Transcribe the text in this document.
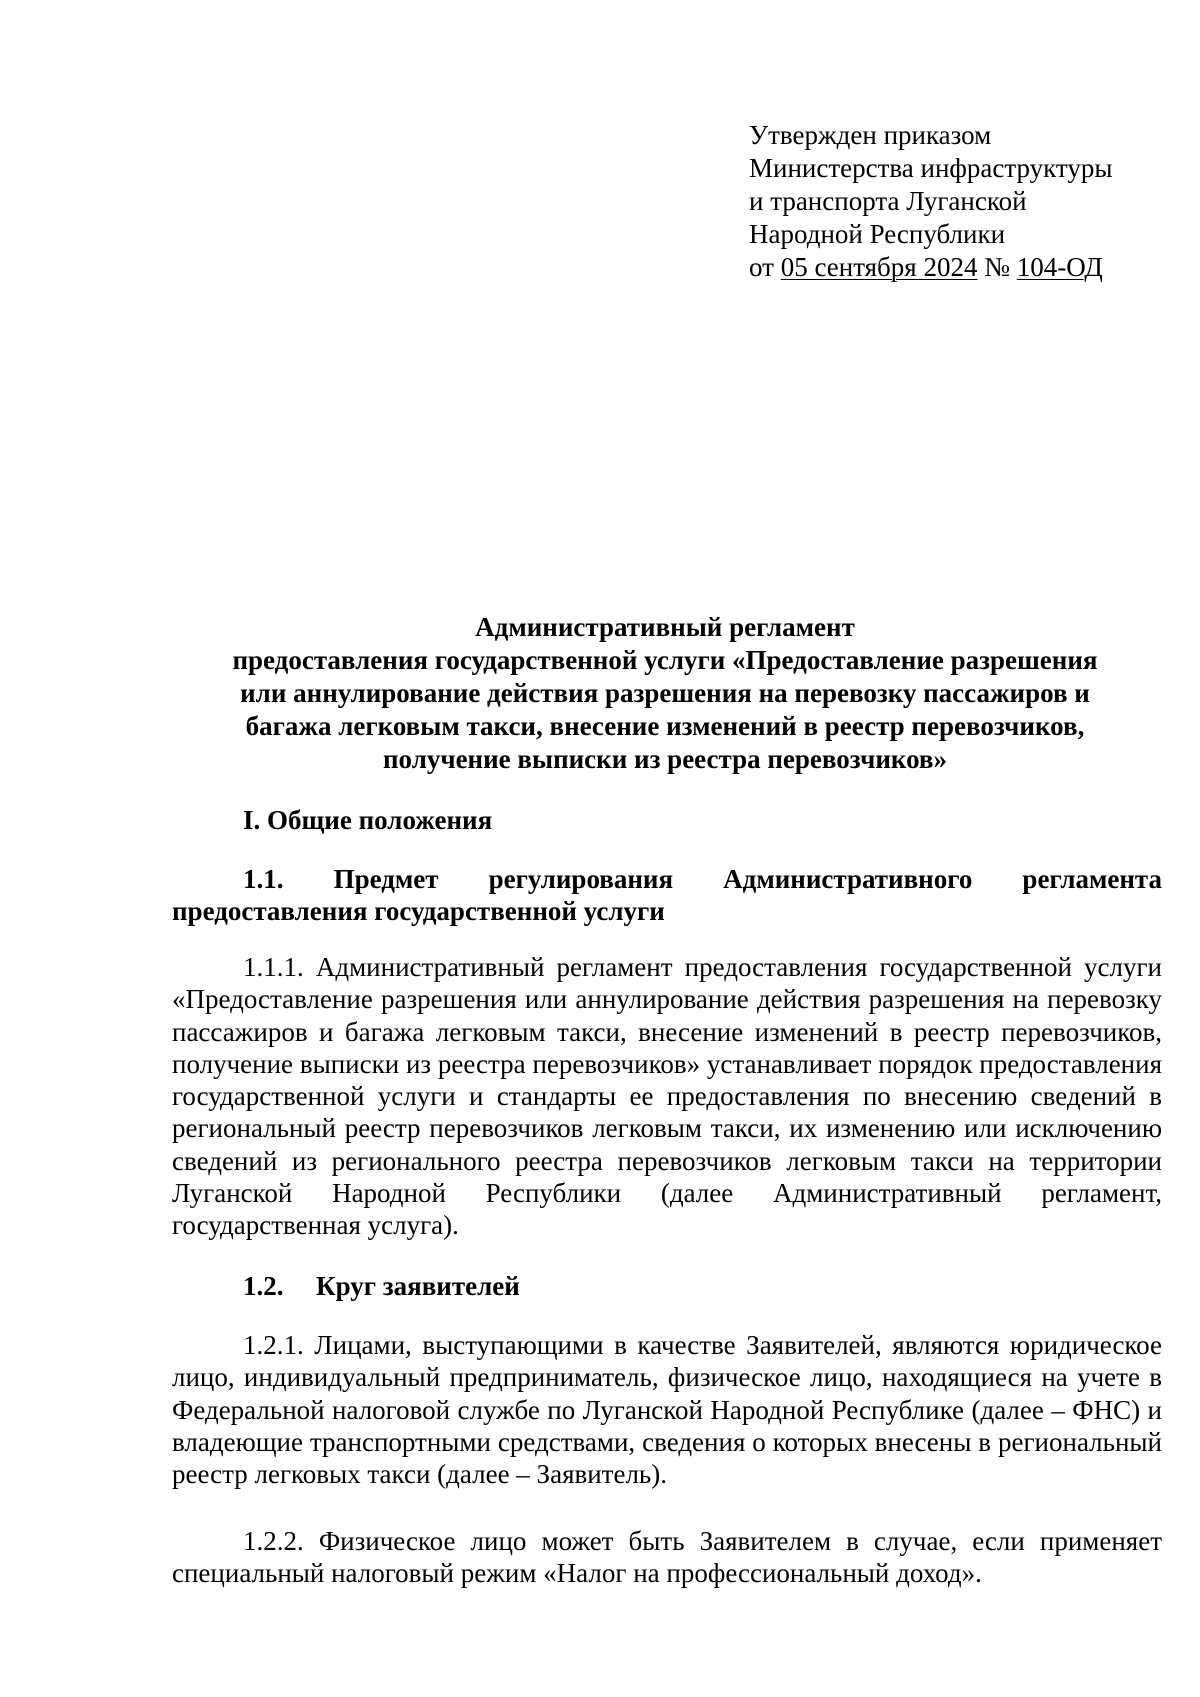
Утвержден приказом
Министерства инфраструктуры
и транспорта Луганской
Народной Республики
от 05 сентября 2024 № 104-ОД
Административный регламент
предоставления государственной услуги «Предоставление разрешения
или аннулирование действия разрешения на перевозку пассажиров и
багажа легковым такси, внесение изменений в реестр перевозчиков,
получение выписки из реестра перевозчиков»
I. Общие положения

1.1. Предмет регулирования Административного регламента

предоставления государственной услуги

1.1.1. Административный регламент предоставления государственной услуги «Предоставление разрешения или аннулирование действия разрешения на перевозку пассажиров и багажа легковым такси, внесение изменений в реестр перевозчиков, получение выписки из реестра перевозчиков» устанавливает порядок предоставления государственной услуги и стандарты ее предоставления по внесению сведений в региональный реестр перевозчиков легковым такси, их изменению или исключению сведений из регионального реестра перевозчиков легковым такси на территории Луганской Народной Республики (далее Административный регламент, государственная услуга).

1.2. Круг заявителей

1.2.1. Лицами, выступающими в качестве Заявителей, являются юридическое лицо, индивидуальный предприниматель, физическое лицо, находящиеся на учете в Федеральной налоговой службе по Луганской Народной Республике (далее – ФНС) и владеющие транспортными средствами, сведения о которых внесены в региональный реестр легковых такси (далее – Заявитель).

1.2.2. Физическое лицо может быть Заявителем в случае, если применяет специальный налоговый режим «Налог на профессиональный доход».
